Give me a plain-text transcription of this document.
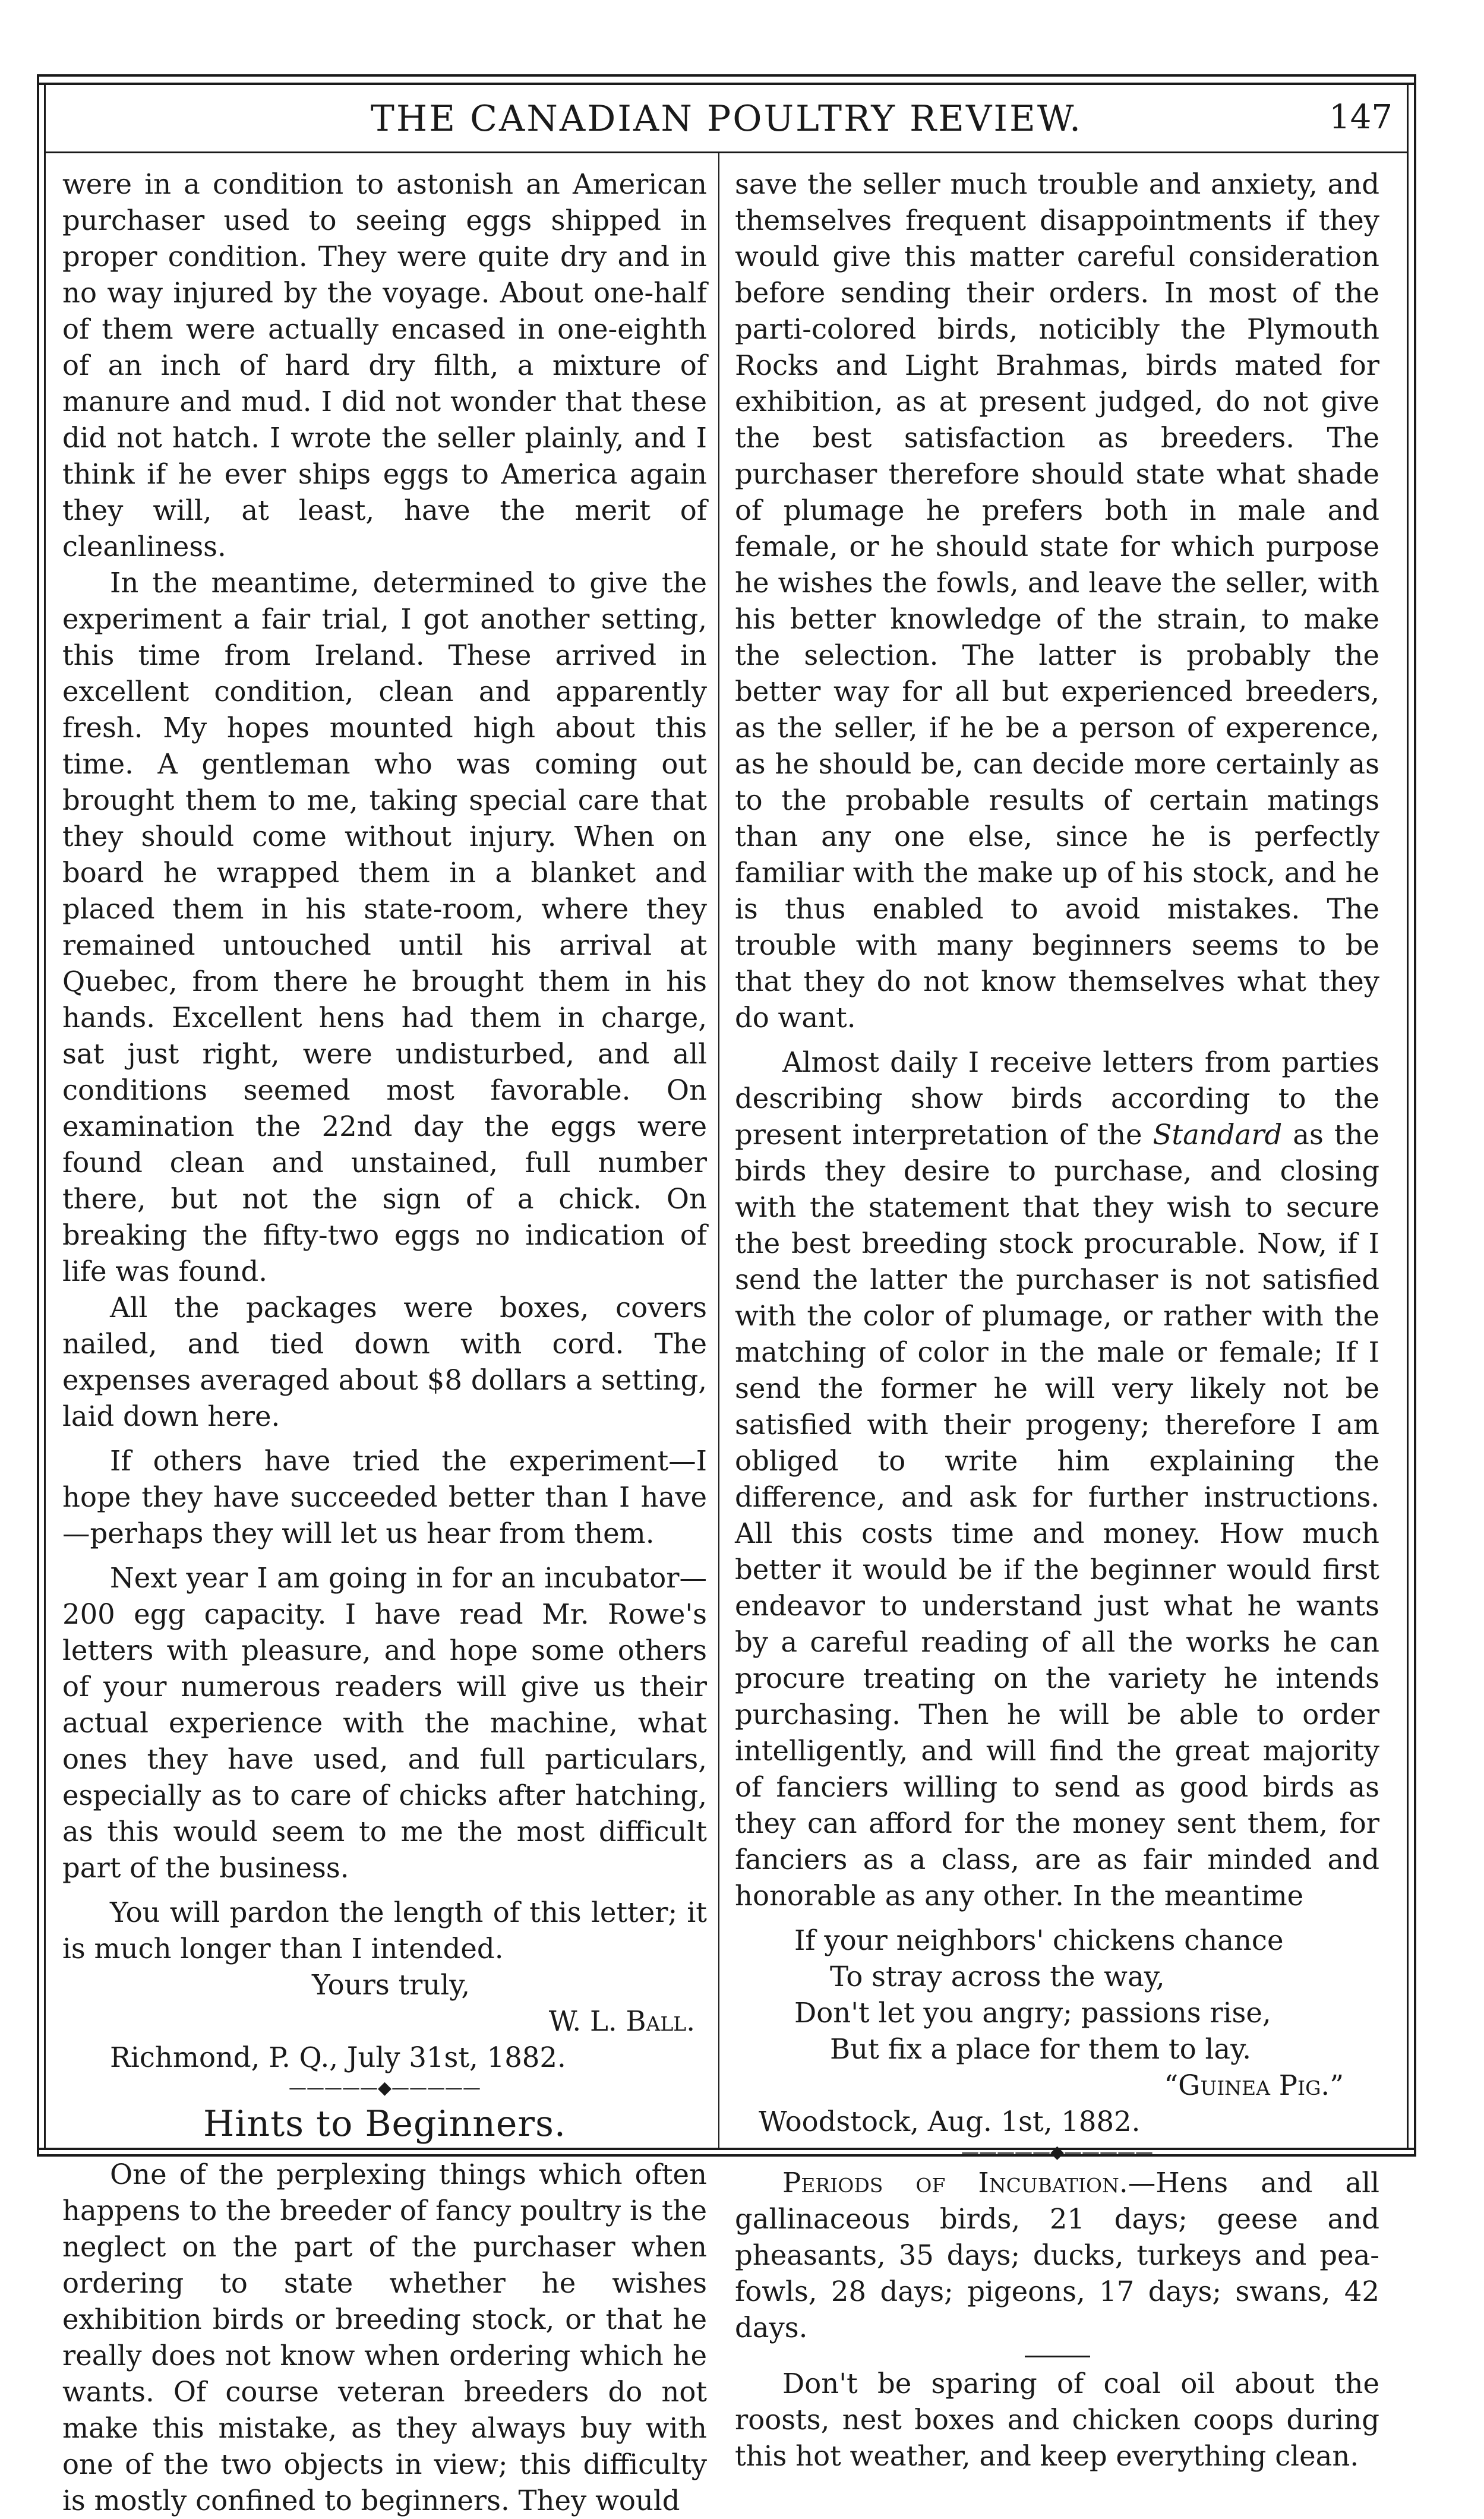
THE CANADIAN POULTRY REVIEW.	147

were in a condition to astonish an American purchaser used to seeing eggs shipped in proper condition. They were quite dry and in no way injured by the voyage. About one-half of them were actually encased in one-eighth of an inch of hard dry filth, a mixture of manure and mud. I did not wonder that these did not hatch. I wrote the seller plainly, and I think if he ever ships eggs to America again they will, at least, have the merit of cleanliness.

In the meantime, determined to give the experiment a fair trial, I got another setting, this time from Ireland. These arrived in excellent condition, clean and apparently fresh. My hopes mounted high about this time. A gentleman who was coming out brought them to me, taking special care that they should come without injury. When on board he wrapped them in a blanket and placed them in his state-room, where they remained untouched until his arrival at Quebec, from there he brought them in his hands. Excellent hens had them in charge, sat just right, were undisturbed, and all conditions seemed most favorable. On examination the 22nd day the eggs were found clean and unstained, full number there, but not the sign of a chick. On breaking the fifty-two eggs no indication of life was found.

All the packages were boxes, covers nailed, and tied down with cord. The expenses averaged about $8 dollars a setting, laid down here.

If others have tried the experiment—I hope they have succeeded better than I have—perhaps they will let us hear from them.

Next year I am going in for an incubator—200 egg capacity. I have read Mr. Rowe's letters with pleasure, and hope some others of your numerous readers will give us their actual experience with the machine, what ones they have used, and full particulars, especially as to care of chicks after hatching, as this would seem to me the most difficult part of the business.

You will pardon the length of this letter; it is much longer than I intended.

Yours truly,

W. L. Ball.

Richmond, P. Q., July 31st, 1882.

—————◆—————
Hints to Beginners.

One of the perplexing things which often happens to the breeder of fancy poultry is the neglect on the part of the purchaser when ordering to state whether he wishes exhibition birds or breeding stock, or that he really does not know when ordering which he wants. Of course veteran breeders do not make this mistake, as they always buy with one of the two objects in view; this difficulty is mostly confined to beginners. They would

save the seller much trouble and anxiety, and themselves frequent disappointments if they would give this matter careful consideration before sending their orders. In most of the parti-colored birds, noticibly the Plymouth Rocks and Light Brahmas, birds mated for exhibition, as at present judged, do not give the best satisfaction as breeders. The purchaser therefore should state what shade of plumage he prefers both in male and female, or he should state for which purpose he wishes the fowls, and leave the seller, with his better knowledge of the strain, to make the selection. The latter is probably the better way for all but experienced breeders, as the seller, if he be a person of experence, as he should be, can decide more certainly as to the probable results of certain matings than any one else, since he is perfectly familiar with the make up of his stock, and he is thus enabled to avoid mistakes. The trouble with many beginners seems to be that they do not know themselves what they do want.

Almost daily I receive letters from parties describing show birds according to the present interpretation of the Standard as the birds they desire to purchase, and closing with the statement that they wish to secure the best breeding stock procurable. Now, if I send the latter the purchaser is not satisfied with the color of plumage, or rather with the matching of color in the male or female; If I send the former he will very likely not be satisfied with their progeny; therefore I am obliged to write him explaining the difference, and ask for further instructions. All this costs time and money. How much better it would be if the beginner would first endeavor to understand just what he wants by a careful reading of all the works he can procure treating on the variety he intends purchasing. Then he will be able to order intelligently, and will find the great majority of fanciers willing to send as good birds as they can afford for the money sent them, for fanciers as a class, are as fair minded and honorable as any other. In the meantime

If your neighbors' chickens chance

To stray across the way,

Don't let you angry; passions rise,

But fix a place for them to lay.

“Guinea Pig.”

Woodstock, Aug. 1st, 1882.

—————◆—————

Periods of Incubation.—Hens and all gallinaceous birds, 21 days; geese and pheasants, 35 days; ducks, turkeys and pea-fowls, 28 days; pigeons, 17 days; swans, 42 days.

Don't be sparing of coal oil about the roosts, nest boxes and chicken coops during this hot weather, and keep everything clean.
